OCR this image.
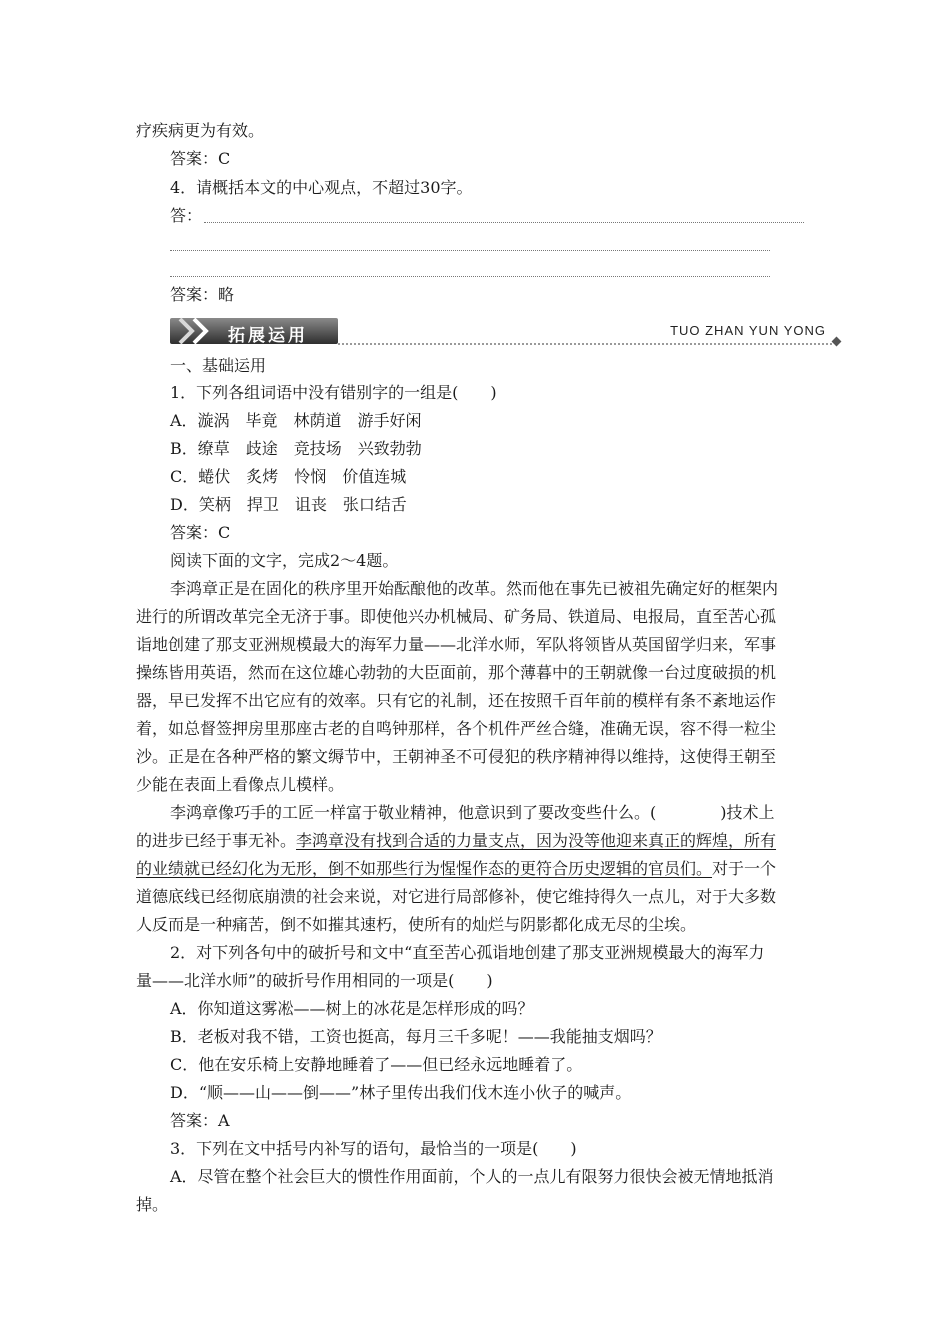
疗疾病更为有效。
答案：C
4．请概括本文的中心观点，不超过30字。
答：
答案：略
拓展运用	TUO ZHAN YUN YONG
一、基础运用
1．下列各组词语中没有错别字的一组是(　　)
A．漩涡　毕竟　林荫道　游手好闲
B．缭草　歧途　竞技场　兴致勃勃
C．蜷伏　炙烤　怜悯　价值连城
D．笑柄　捍卫　诅丧　张口结舌
答案：C
阅读下面的文字，完成2～4题。
李鸿章正是在固化的秩序里开始酝酿他的改革。然而他在事先已被祖先确定好的框架内
进行的所谓改革完全无济于事。即使他兴办机械局、矿务局、铁道局、电报局，直至苦心孤
诣地创建了那支亚洲规模最大的海军力量——北洋水师，军队将领皆从英国留学归来，军事
操练皆用英语，然而在这位雄心勃勃的大臣面前，那个薄暮中的王朝就像一台过度破损的机
器，早已发挥不出它应有的效率。只有它的礼制，还在按照千百年前的模样有条不紊地运作
着，如总督签押房里那座古老的自鸣钟那样，各个机件严丝合缝，准确无误，容不得一粒尘
沙。正是在各种严格的繁文缛节中，王朝神圣不可侵犯的秩序精神得以维持，这使得王朝至
少能在表面上看像点儿模样。
李鸿章像巧手的工匠一样富于敬业精神，他意识到了要改变些什么。(　　　　)技术上
的进步已经于事无补。李鸿章没有找到合适的力量支点，因为没等他迎来真正的辉煌，所有
的业绩就已经幻化为无形，倒不如那些行为惺惺作态的更符合历史逻辑的官员们。对于一个
道德底线已经彻底崩溃的社会来说，对它进行局部修补，使它维持得久一点儿，对于大多数
人反而是一种痛苦，倒不如摧其速朽，使所有的灿烂与阴影都化成无尽的尘埃。
2．对下列各句中的破折号和文中“直至苦心孤诣地创建了那支亚洲规模最大的海军力
量——北洋水师”的破折号作用相同的一项是(　　)
A．你知道这雾凇——树上的冰花是怎样形成的吗？
B．老板对我不错，工资也挺高，每月三千多呢！——我能抽支烟吗？
C．他在安乐椅上安静地睡着了——但已经永远地睡着了。
D．“顺——山——倒——”林子里传出我们伐木连小伙子的喊声。
答案：A
3．下列在文中括号内补写的语句，最恰当的一项是(　　)
A．尽管在整个社会巨大的惯性作用面前，个人的一点儿有限努力很快会被无情地抵消
掉。
